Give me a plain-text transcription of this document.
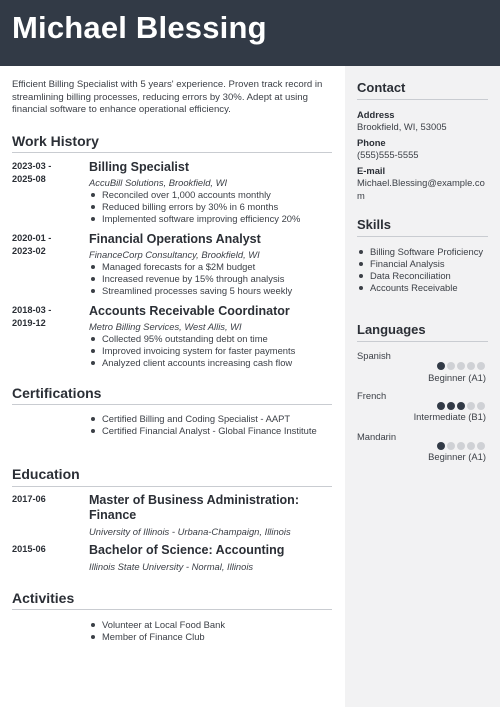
Michael Blessing
Efficient Billing Specialist with 5 years' experience. Proven track record in streamlining billing processes, reducing errors by 30%. Adept at using financial software to enhance operational efficiency.
Work History
2023-03 -
2025-08
Billing Specialist
AccuBill Solutions, Brookfield, WI
Reconciled over 1,000 accounts monthly
Reduced billing errors by 30% in 6 months
Implemented software improving efficiency 20%
2020-01 -
2023-02
Financial Operations Analyst
FinanceCorp Consultancy, Brookfield, WI
Managed forecasts for a $2M budget
Increased revenue by 15% through analysis
Streamlined processes saving 5 hours weekly
2018-03 -
2019-12
Accounts Receivable Coordinator
Metro Billing Services, West Allis, WI
Collected 95% outstanding debt on time
Improved invoicing system for faster payments
Analyzed client accounts increasing cash flow
Certifications
Certified Billing and Coding Specialist - AAPT
Certified Financial Analyst - Global Finance Institute
Education
2017-06	Master of Business Administration: Finance
University of Illinois - Urbana-Champaign, Illinois
2015-06	Bachelor of Science: Accounting
Illinois State University - Normal, Illinois
Activities
Volunteer at Local Food Bank
Member of Finance Club
Contact
Address
Brookfield, WI, 53005
Phone
(555)555-5555
E-mail
Michael.Blessing@example.com
Skills
Billing Software Proficiency
Financial Analysis
Data Reconciliation
Accounts Receivable
Languages
Spanish
Beginner (A1)
French
Intermediate (B1)
Mandarin
Beginner (A1)
